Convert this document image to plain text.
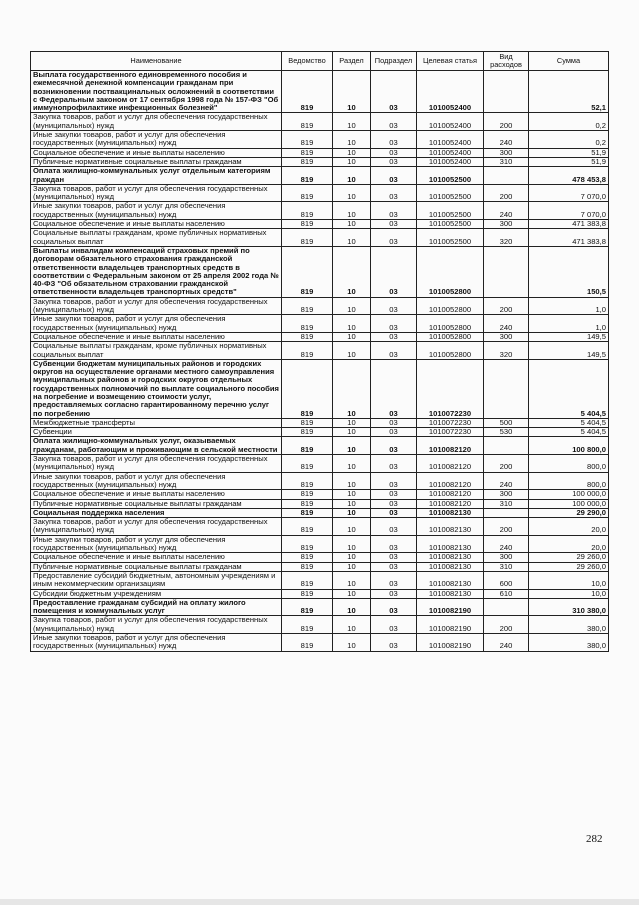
Наименование	Ведомство	Раздел	Подраздел	Целевая статья	Вид расходов	Сумма
Выплата государственного единовременного пособия и ежемесячной денежной компенсации гражданам при возникновении поствакцинальных осложнений в соответствии с Федеральным законом от 17 сентября 1998 года № 157-ФЗ "Об иммунопрофилактике инфекционных болезней"	819	10	03	1010052400		52,1
Закупка товаров, работ и услуг для обеспечения государственных (муниципальных) нужд	819	10	03	1010052400	200	0,2
Иные закупки товаров, работ и услуг для обеспечения государственных (муниципальных) нужд	819	10	03	1010052400	240	0,2
Социальное обеспечение и иные выплаты населению	819	10	03	1010052400	300	51,9
Публичные нормативные социальные выплаты гражданам	819	10	03	1010052400	310	51,9
Оплата жилищно-коммунальных услуг отдельным категориям граждан	819	10	03	1010052500		478 453,8
Закупка товаров, работ и услуг для обеспечения государственных (муниципальных) нужд	819	10	03	1010052500	200	7 070,0
Иные закупки товаров, работ и услуг для обеспечения государственных (муниципальных) нужд	819	10	03	1010052500	240	7 070,0
Социальное обеспечение и иные выплаты населению	819	10	03	1010052500	300	471 383,8
Социальные выплаты гражданам, кроме публичных нормативных социальных выплат	819	10	03	1010052500	320	471 383,8
Выплаты инвалидам компенсаций страховых премий по договорам обязательного страхования гражданской ответственности владельцев транспортных средств в соответствии с Федеральным законом от 25 апреля 2002 года № 40-ФЗ "Об обязательном страховании гражданской ответственности владельцев транспортных средств"	819	10	03	1010052800		150,5
Закупка товаров, работ и услуг для обеспечения государственных (муниципальных) нужд	819	10	03	1010052800	200	1,0
Иные закупки товаров, работ и услуг для обеспечения государственных (муниципальных) нужд	819	10	03	1010052800	240	1,0
Социальное обеспечение и иные выплаты населению	819	10	03	1010052800	300	149,5
Социальные выплаты гражданам, кроме публичных нормативных социальных выплат	819	10	03	1010052800	320	149,5
Субвенции бюджетам муниципальных районов и городских округов на осуществление органами местного самоуправления муниципальных районов и городских округов отдельных государственных полномочий по выплате социального пособия на погребение и возмещению стоимости услуг, предоставляемых согласно гарантированному перечню услуг по погребению	819	10	03	1010072230		5 404,5
Межбюджетные трансферты	819	10	03	1010072230	500	5 404,5
Субвенции	819	10	03	1010072230	530	5 404,5
Оплата жилищно-коммунальных услуг, оказываемых гражданам, работающим и проживающим в сельской местности	819	10	03	1010082120		100 800,0
Закупка товаров, работ и услуг для обеспечения государственных (муниципальных) нужд	819	10	03	1010082120	200	800,0
Иные закупки товаров, работ и услуг для обеспечения государственных (муниципальных) нужд	819	10	03	1010082120	240	800,0
Социальное обеспечение и иные выплаты населению	819	10	03	1010082120	300	100 000,0
Публичные нормативные социальные выплаты гражданам	819	10	03	1010082120	310	100 000,0
Социальная поддержка населения	819	10	03	1010082130		29 290,0
Закупка товаров, работ и услуг для обеспечения государственных (муниципальных) нужд	819	10	03	1010082130	200	20,0
Иные закупки товаров, работ и услуг для обеспечения государственных (муниципальных) нужд	819	10	03	1010082130	240	20,0
Социальное обеспечение и иные выплаты населению	819	10	03	1010082130	300	29 260,0
Публичные нормативные социальные выплаты гражданам	819	10	03	1010082130	310	29 260,0
Предоставление субсидий бюджетным, автономным учреждениям и иным некоммерческим организациям	819	10	03	1010082130	600	10,0
Субсидии бюджетным учреждениям	819	10	03	1010082130	610	10,0
Предоставление гражданам субсидий на оплату жилого помещения и коммунальных услуг	819	10	03	1010082190		310 380,0
Закупка товаров, работ и услуг для обеспечения государственных (муниципальных) нужд	819	10	03	1010082190	200	380,0
Иные закупки товаров, работ и услуг для обеспечения государственных (муниципальных) нужд	819	10	03	1010082190	240	380,0
282
